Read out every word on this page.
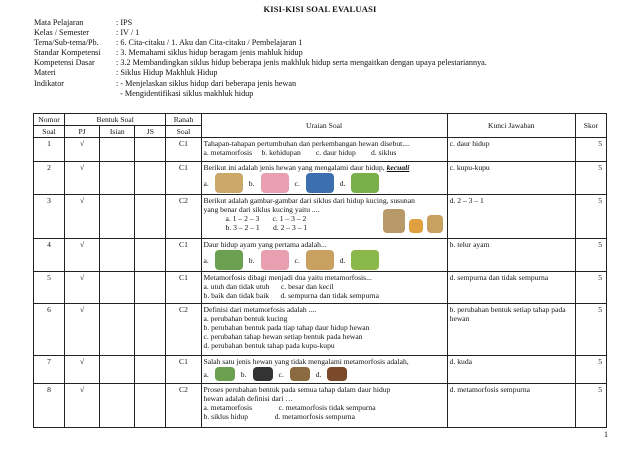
KISI-KISI SOAL EVALUASI
Mata Pelajaran	: IPS
Kelas / Semester	: IV / 1
Tema/Sub-tema/Pb.	: 6. Cita-citaku / 1. Aku dan Cita-citaku / Pembelajaran 1
Standar Kompetensi	: 3. Memahami siklus hidup beragam jenis mahluk hidup
Kompetensi Dasar	: 3.2 Membandingkan siklus hidup beberapa jenis makhluk hidup serta mengaitkan dengan upaya pelestariannya.
Materi	: Siklus Hidup Makhluk Hidup
Indikator	: - Menjelaskan siklus hidup dari beberapa jenis hewan
- Mengidentifikasi siklus makhluk hidup
Nomor	Bentuk Soal			Ranah	Uraian Soal	Kunci Jawaban	Skor
Soal	PJ	Isian	JS	Soal			
1	√			C1	Tahapan-tahapan pertumbuhan dan perkembangan hewan disebut....
a. metamorfosis     b. kehidupan        c. daur hidup        d. siklus	c. daur hidup	5
2	√			C1	Berikut ini adalah jenis hewan yang mengalami daur hidup, kecuali
a. b. c. d.	c. kupu-kupu	5
3	√			C2	Berikut adalah gambar-gambar dari siklus dari hidup kucing, susunan
yang benar dari siklus kucing yaitu ....
a. 1 – 2 – 3       c. 1 – 3 – 2
b. 3 – 2 – 1       d. 2 – 3 – 1	d. 2 – 3 – 1	5
4	√			C1	Daur hidup ayam yang pertama adalah...
a. b. c. d.	b. telur ayam	5
5	√			C1	Metamorfosis dibagi menjadi dua yaitu metamorfosis...
a. utuh dan tidak utuh      c. besar dan kecil
b. baik dan tidak baik      d. sempurna dan tidak sempurna	d. sempurna dan tidak sempurna	5
6	√			C2	Definisi dari metamorfosis adalah ....
a. perubahan bentuk kucing
b. perubahan bentuk pada tiap tahap daur hidup hewan
c. perubahan tahap hewan setiap bentuk pada hewan
d. perubahan bentuk tahap pada kupu-kupu	b. perubahan bentuk setiap tahap pada hewan	5
7	√			C1	Salah satu jenis hewan yang tidak mengalami metamorfosis adalah,
a. b. c. d.	d. kuda	5
8	√			C2	Proses perubahan bentuk pada semua tahap dalam daur hidup
hewan adalah definisi dari …
a. metamorfosis              c. metamorfosis tidak sempurna
b. siklus hidup              d. metamorfosis sempurna	d. metamorfosis sempurna	5
1
